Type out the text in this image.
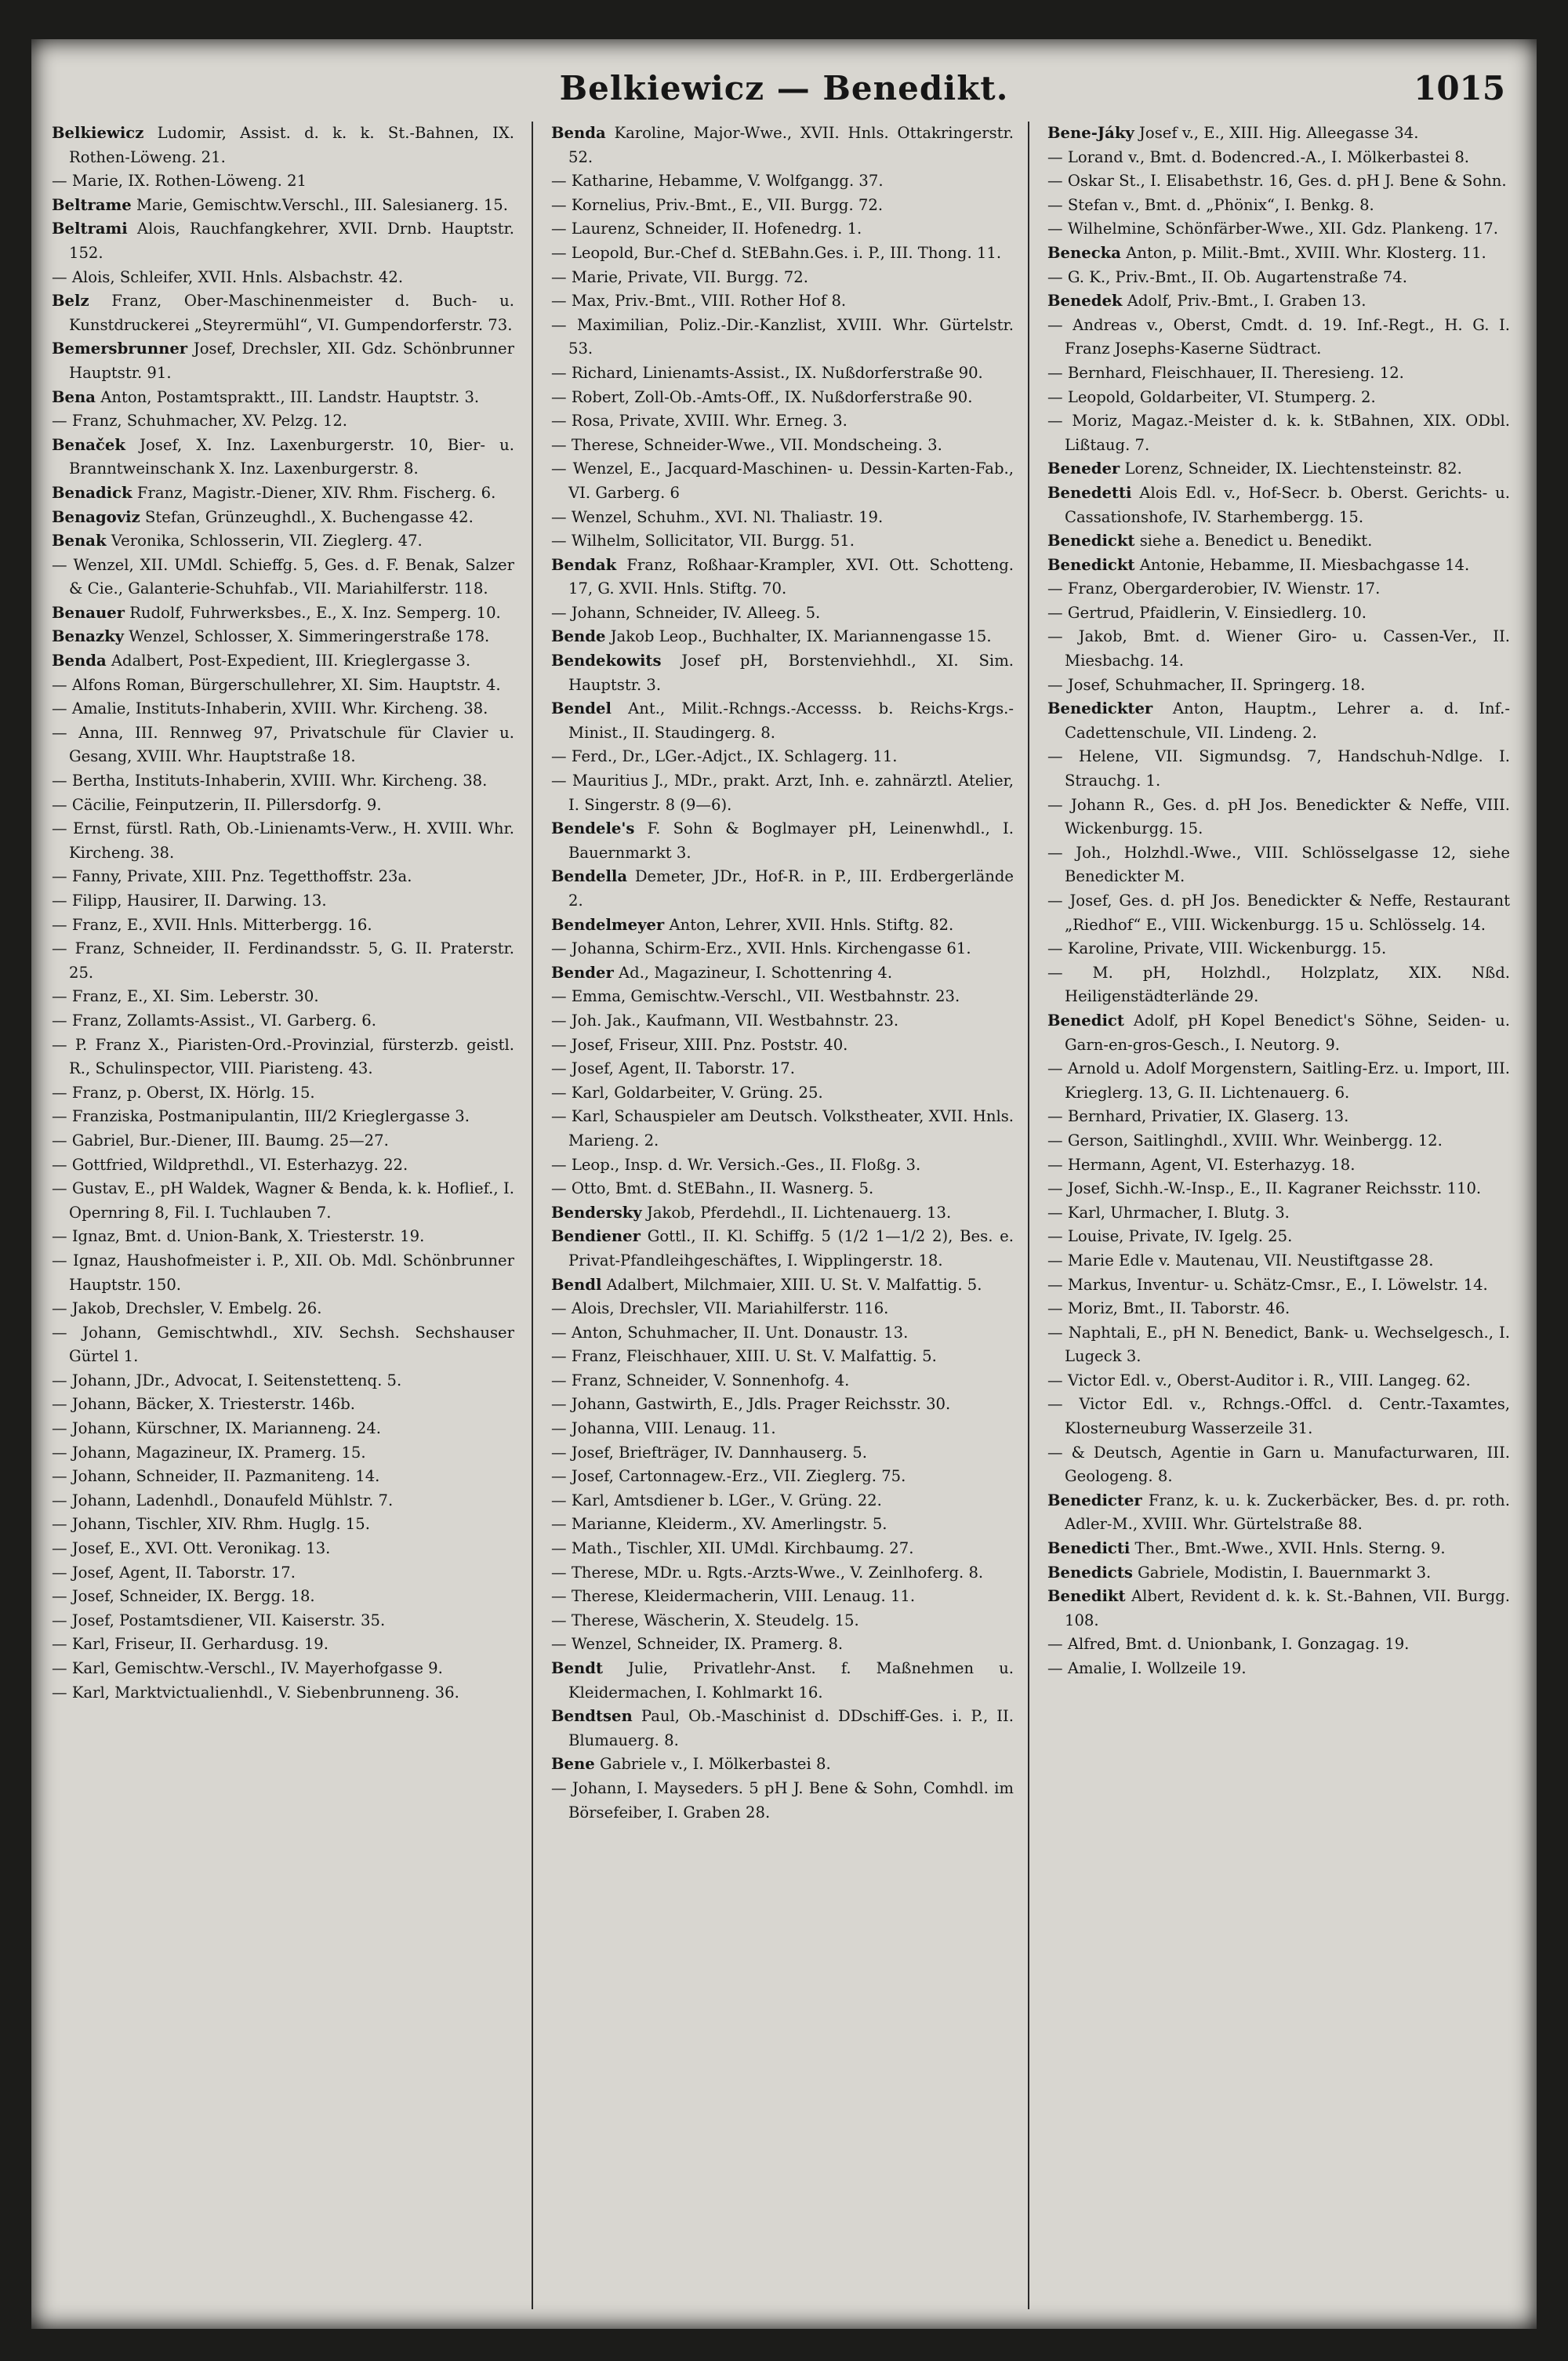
Belkiewicz — Benedikt.	1015

Belkiewicz Ludomir, Assist. d. k. k. St.-Bahnen, IX. Rothen-Löweng. 21.

— Marie, IX. Rothen-Löweng. 21

Beltrame Marie, Gemischtw.Verschl., III. Salesianerg. 15.

Beltrami Alois, Rauchfangkehrer, XVII. Drnb. Hauptstr. 152.

— Alois, Schleifer, XVII. Hnls. Alsbachstr. 42.

Belz Franz, Ober-Maschinenmeister d. Buch- u. Kunstdruckerei „Steyrermühl“, VI. Gumpendorferstr. 73.

Bemersbrunner Josef, Drechsler, XII. Gdz. Schönbrunner Hauptstr. 91.

Bena Anton, Postamtspraktt., III. Landstr. Hauptstr. 3.

— Franz, Schuhmacher, XV. Pelzg. 12.

Benaček Josef, X. Inz. Laxenburgerstr. 10, Bier- u. Branntweinschank X. Inz. Laxenburgerstr. 8.

Benadick Franz, Magistr.-Diener, XIV. Rhm. Fischerg. 6.

Benagoviz Stefan, Grünzeughdl., X. Buchengasse 42.

Benak Veronika, Schlosserin, VII. Zieglerg. 47.

— Wenzel, XII. UMdl. Schieffg. 5, Ges. d. F. Benak, Salzer & Cie., Galanterie-Schuhfab., VII. Mariahilferstr. 118.

Benauer Rudolf, Fuhrwerksbes., E., X. Inz. Semperg. 10.

Benazky Wenzel, Schlosser, X. Simmeringerstraße 178.

Benda Adalbert, Post-Expedient, III. Krieglergasse 3.

— Alfons Roman, Bürgerschullehrer, XI. Sim. Hauptstr. 4.

— Amalie, Instituts-Inhaberin, XVIII. Whr. Kircheng. 38.

— Anna, III. Rennweg 97, Privatschule für Clavier u. Gesang, XVIII. Whr. Hauptstraße 18.

— Bertha, Instituts-Inhaberin, XVIII. Whr. Kircheng. 38.

— Cäcilie, Feinputzerin, II. Pillersdorfg. 9.

— Ernst, fürstl. Rath, Ob.-Linienamts-Verw., H. XVIII. Whr. Kircheng. 38.

— Fanny, Private, XIII. Pnz. Tegetthoffstr. 23a.

— Filipp, Hausirer, II. Darwing. 13.

— Franz, E., XVII. Hnls. Mitterbergg. 16.

— Franz, Schneider, II. Ferdinandsstr. 5, G. II. Praterstr. 25.

— Franz, E., XI. Sim. Leberstr. 30.

— Franz, Zollamts-Assist., VI. Garberg. 6.

— P. Franz X., Piaristen-Ord.-Provinzial, fürsterzb. geistl. R., Schulinspector, VIII. Piaristeng. 43.

— Franz, p. Oberst, IX. Hörlg. 15.

— Franziska, Postmanipulantin, III/2 Krieglergasse 3.

— Gabriel, Bur.-Diener, III. Baumg. 25—27.

— Gottfried, Wildprethdl., VI. Esterhazyg. 22.

— Gustav, E., pH Waldek, Wagner & Benda, k. k. Hoflief., I. Opernring 8, Fil. I. Tuchlauben 7.

— Ignaz, Bmt. d. Union-Bank, X. Triesterstr. 19.

— Ignaz, Haushofmeister i. P., XII. Ob. Mdl. Schönbrunner Hauptstr. 150.

— Jakob, Drechsler, V. Embelg. 26.

— Johann, Gemischtwhdl., XIV. Sechsh. Sechshauser Gürtel 1.

— Johann, JDr., Advocat, I. Seitenstettenq. 5.

— Johann, Bäcker, X. Triesterstr. 146b.

— Johann, Kürschner, IX. Marianneng. 24.

— Johann, Magazineur, IX. Pramerg. 15.

— Johann, Schneider, II. Pazmaniteng. 14.

— Johann, Ladenhdl., Donaufeld Mühlstr. 7.

— Johann, Tischler, XIV. Rhm. Huglg. 15.

— Josef, E., XVI. Ott. Veronikag. 13.

— Josef, Agent, II. Taborstr. 17.

— Josef, Schneider, IX. Bergg. 18.

— Josef, Postamtsdiener, VII. Kaiserstr. 35.

— Karl, Friseur, II. Gerhardusg. 19.

— Karl, Gemischtw.-Verschl., IV. Mayerhofgasse 9.

— Karl, Marktvictualienhdl., V. Siebenbrunneng. 36.

Benda Karoline, Major-Wwe., XVII. Hnls. Ottakringerstr. 52.

— Katharine, Hebamme, V. Wolfgangg. 37.

— Kornelius, Priv.-Bmt., E., VII. Burgg. 72.

— Laurenz, Schneider, II. Hofenedrg. 1.

— Leopold, Bur.-Chef d. StEBahn.Ges. i. P., III. Thong. 11.

— Marie, Private, VII. Burgg. 72.

— Max, Priv.-Bmt., VIII. Rother Hof 8.

— Maximilian, Poliz.-Dir.-Kanzlist, XVIII. Whr. Gürtelstr. 53.

— Richard, Linienamts-Assist., IX. Nußdorferstraße 90.

— Robert, Zoll-Ob.-Amts-Off., IX. Nußdorferstraße 90.

— Rosa, Private, XVIII. Whr. Erneg. 3.

— Therese, Schneider-Wwe., VII. Mondscheing. 3.

— Wenzel, E., Jacquard-Maschinen- u. Dessin-Karten-Fab., VI. Garberg. 6

— Wenzel, Schuhm., XVI. Nl. Thaliastr. 19.

— Wilhelm, Sollicitator, VII. Burgg. 51.

Bendak Franz, Roßhaar-Krampler, XVI. Ott. Schotteng. 17, G. XVII. Hnls. Stiftg. 70.

— Johann, Schneider, IV. Alleeg. 5.

Bende Jakob Leop., Buchhalter, IX. Mariannengasse 15.

Bendekowits Josef pH, Borstenviehhdl., XI. Sim. Hauptstr. 3.

Bendel Ant., Milit.-Rchngs.-Accesss. b. Reichs-Krgs.-Minist., II. Staudingerg. 8.

— Ferd., Dr., LGer.-Adjct., IX. Schlagerg. 11.

— Mauritius J., MDr., prakt. Arzt, Inh. e. zahnärztl. Atelier, I. Singerstr. 8 (9—6).

Bendele's F. Sohn & Boglmayer pH, Leinenwhdl., I. Bauernmarkt 3.

Bendella Demeter, JDr., Hof-R. in P., III. Erdbergerlände 2.

Bendelmeyer Anton, Lehrer, XVII. Hnls. Stiftg. 82.

— Johanna, Schirm-Erz., XVII. Hnls. Kirchengasse 61.

Bender Ad., Magazineur, I. Schottenring 4.

— Emma, Gemischtw.-Verschl., VII. Westbahnstr. 23.

— Joh. Jak., Kaufmann, VII. Westbahnstr. 23.

— Josef, Friseur, XIII. Pnz. Poststr. 40.

— Josef, Agent, II. Taborstr. 17.

— Karl, Goldarbeiter, V. Grüng. 25.

— Karl, Schauspieler am Deutsch. Volkstheater, XVII. Hnls. Marieng. 2.

— Leop., Insp. d. Wr. Versich.-Ges., II. Floßg. 3.

— Otto, Bmt. d. StEBahn., II. Wasnerg. 5.

Bendersky Jakob, Pferdehdl., II. Lichtenauerg. 13.

Bendiener Gottl., II. Kl. Schiffg. 5 (1/2 1—1/2 2), Bes. e. Privat-Pfandleihgeschäftes, I. Wipplingerstr. 18.

Bendl Adalbert, Milchmaier, XIII. U. St. V. Malfattig. 5.

— Alois, Drechsler, VII. Mariahilferstr. 116.

— Anton, Schuhmacher, II. Unt. Donaustr. 13.

— Franz, Fleischhauer, XIII. U. St. V. Malfattig. 5.

— Franz, Schneider, V. Sonnenhofg. 4.

— Johann, Gastwirth, E., Jdls. Prager Reichsstr. 30.

— Johanna, VIII. Lenaug. 11.

— Josef, Briefträger, IV. Dannhauserg. 5.

— Josef, Cartonnagew.-Erz., VII. Zieglerg. 75.

— Karl, Amtsdiener b. LGer., V. Grüng. 22.

— Marianne, Kleiderm., XV. Amerlingstr. 5.

— Math., Tischler, XII. UMdl. Kirchbaumg. 27.

— Therese, MDr. u. Rgts.-Arzts-Wwe., V. Zeinlhoferg. 8.

— Therese, Kleidermacherin, VIII. Lenaug. 11.

— Therese, Wäscherin, X. Steudelg. 15.

— Wenzel, Schneider, IX. Pramerg. 8.

Bendt Julie, Privatlehr-Anst. f. Maßnehmen u. Kleidermachen, I. Kohlmarkt 16.

Bendtsen Paul, Ob.-Maschinist d. DDschiff-Ges. i. P., II. Blumauerg. 8.

Bene Gabriele v., I. Mölkerbastei 8.

— Johann, I. Mayseders. 5 pH J. Bene & Sohn, Comhdl. im Börsefeiber, I. Graben 28.

Bene-Jáky Josef v., E., XIII. Hig. Alleegasse 34.

— Lorand v., Bmt. d. Bodencred.-A., I. Mölkerbastei 8.

— Oskar St., I. Elisabethstr. 16, Ges. d. pH J. Bene & Sohn.

— Stefan v., Bmt. d. „Phönix“, I. Benkg. 8.

— Wilhelmine, Schönfärber-Wwe., XII. Gdz. Plankeng. 17.

Benecka Anton, p. Milit.-Bmt., XVIII. Whr. Klosterg. 11.

— G. K., Priv.-Bmt., II. Ob. Augartenstraße 74.

Benedek Adolf, Priv.-Bmt., I. Graben 13.

— Andreas v., Oberst, Cmdt. d. 19. Inf.-Regt., H. G. I. Franz Josephs-Kaserne Südtract.

— Bernhard, Fleischhauer, II. Theresieng. 12.

— Leopold, Goldarbeiter, VI. Stumperg. 2.

— Moriz, Magaz.-Meister d. k. k. StBahnen, XIX. ODbl. Lißtaug. 7.

Beneder Lorenz, Schneider, IX. Liechtensteinstr. 82.

Benedetti Alois Edl. v., Hof-Secr. b. Oberst. Gerichts- u. Cassationshofe, IV. Starhembergg. 15.

Benedickt siehe a. Benedict u. Benedikt.

Benedickt Antonie, Hebamme, II. Miesbachgasse 14.

— Franz, Obergarderobier, IV. Wienstr. 17.

— Gertrud, Pfaidlerin, V. Einsiedlerg. 10.

— Jakob, Bmt. d. Wiener Giro- u. Cassen-Ver., II. Miesbachg. 14.

— Josef, Schuhmacher, II. Springerg. 18.

Benedickter Anton, Hauptm., Lehrer a. d. Inf.-Cadettenschule, VII. Lindeng. 2.

— Helene, VII. Sigmundsg. 7, Handschuh-Ndlge. I. Strauchg. 1.

— Johann R., Ges. d. pH Jos. Benedickter & Neffe, VIII. Wickenburgg. 15.

— Joh., Holzhdl.-Wwe., VIII. Schlösselgasse 12, siehe Benedickter M.

— Josef, Ges. d. pH Jos. Benedickter & Neffe, Restaurant „Riedhof“ E., VIII. Wickenburgg. 15 u. Schlösselg. 14.

— Karoline, Private, VIII. Wickenburgg. 15.

— M. pH, Holzhdl., Holzplatz, XIX. Nßd. Heiligenstädterlände 29.

Benedict Adolf, pH Kopel Benedict's Söhne, Seiden- u. Garn-en-gros-Gesch., I. Neutorg. 9.

— Arnold u. Adolf Morgenstern, Saitling-Erz. u. Import, III. Krieglerg. 13, G. II. Lichtenauerg. 6.

— Bernhard, Privatier, IX. Glaserg. 13.

— Gerson, Saitlinghdl., XVIII. Whr. Weinbergg. 12.

— Hermann, Agent, VI. Esterhazyg. 18.

— Josef, Sichh.-W.-Insp., E., II. Kagraner Reichsstr. 110.

— Karl, Uhrmacher, I. Blutg. 3.

— Louise, Private, IV. Igelg. 25.

— Marie Edle v. Mautenau, VII. Neustiftgasse 28.

— Markus, Inventur- u. Schätz-Cmsr., E., I. Löwelstr. 14.

— Moriz, Bmt., II. Taborstr. 46.

— Naphtali, E., pH N. Benedict, Bank- u. Wechselgesch., I. Lugeck 3.

— Victor Edl. v., Oberst-Auditor i. R., VIII. Langeg. 62.

— Victor Edl. v., Rchngs.-Offcl. d. Centr.-Taxamtes, Klosterneuburg Wasserzeile 31.

— & Deutsch, Agentie in Garn u. Manufacturwaren, III. Geologeng. 8.

Benedicter Franz, k. u. k. Zuckerbäcker, Bes. d. pr. roth. Adler-M., XVIII. Whr. Gürtelstraße 88.

Benedicti Ther., Bmt.-Wwe., XVII. Hnls. Sterng. 9.

Benedicts Gabriele, Modistin, I. Bauernmarkt 3.

Benedikt Albert, Revident d. k. k. St.-Bahnen, VII. Burgg. 108.

— Alfred, Bmt. d. Unionbank, I. Gonzagag. 19.

— Amalie, I. Wollzeile 19.
